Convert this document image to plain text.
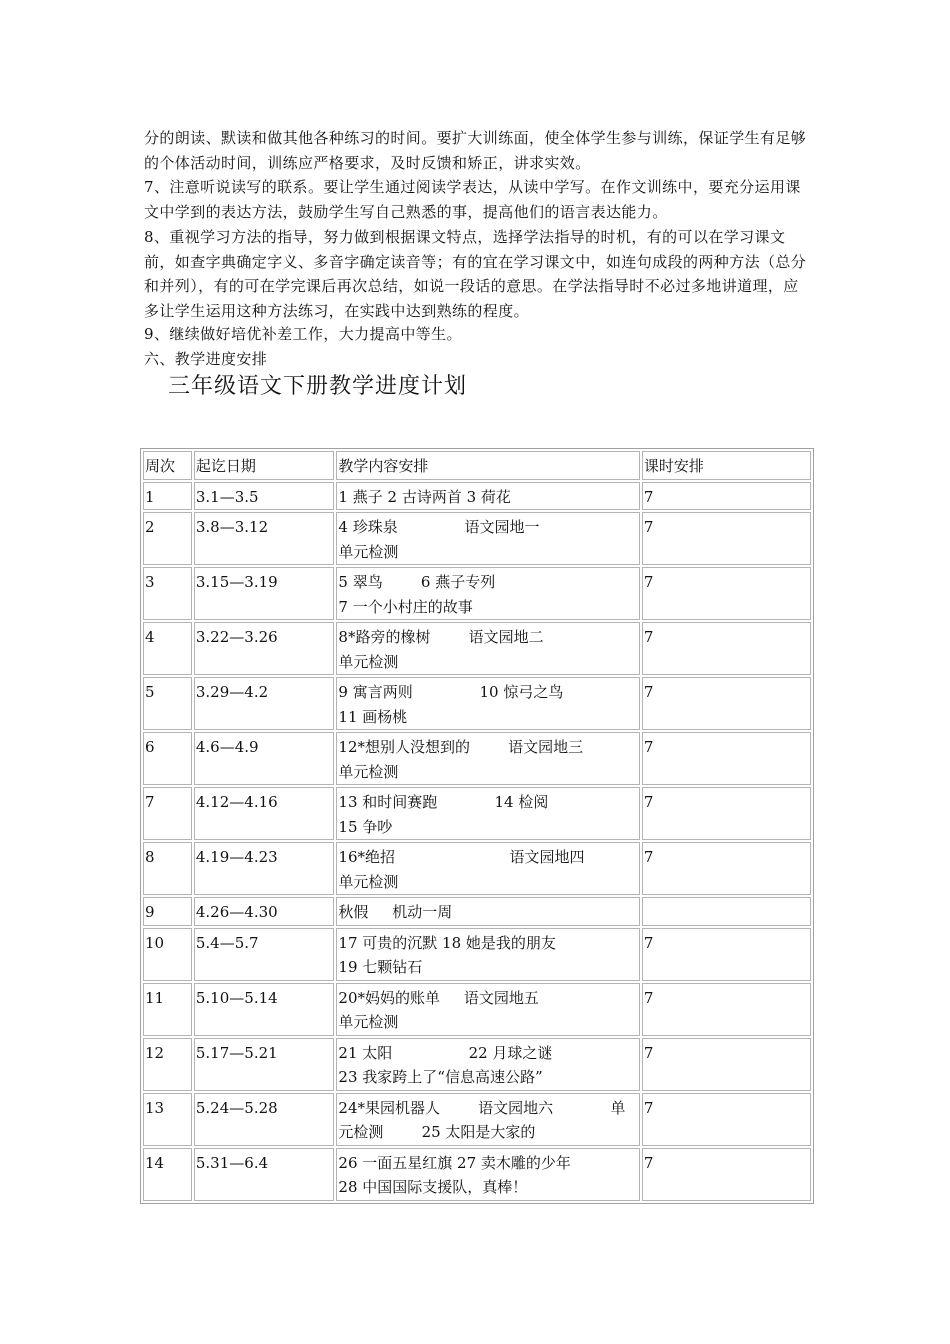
分的朗读、默读和做其他各种练习的时间。要扩大训练面，使全体学生参与训练，保证学生有足够的个体活动时间，训练应严格要求，及时反馈和矫正，讲求实效。

7、注意听说读写的联系。要让学生通过阅读学表达，从读中学写。在作文训练中，要充分运用课文中学到的表达方法，鼓励学生写自己熟悉的事，提高他们的语言表达能力。

8、重视学习方法的指导，努力做到根据课文特点，选择学法指导的时机，有的可以在学习课文前，如查字典确定字义、多音字确定读音等；有的宜在学习课文中，如连句成段的两种方法（总分和并列），有的可在学完课后再次总结，如说一段话的意思。在学法指导时不必过多地讲道理，应多让学生运用这种方法练习，在实践中达到熟练的程度。

9、继续做好培优补差工作，大力提高中等生。

六、教学进度安排

三年级语文下册教学进度计划
周次	起讫日期	教学内容安排	课时安排
1	3.1—3.5	1 燕子 2 古诗两首 3 荷花	7
2	3.8—3.12	4 珍珠泉              语文园地一
单元检测	7
3	3.15—3.19	5 翠鸟        6 燕子专列
7 一个小村庄的故事	7
4	3.22—3.26	8*路旁的橡树        语文园地二
单元检测	7
5	3.29—4.2	9 寓言两则              10 惊弓之鸟
11 画杨桃	7
6	4.6—4.9	12*想别人没想到的        语文园地三
单元检测	7
7	4.12—4.16	13 和时间赛跑            14 检阅
15 争吵	7
8	4.19—4.23	16*绝招                        语文园地四
单元检测	7
9	4.26—4.30	秋假     机动一周	

10	5.4—5.7	17 可贵的沉默 18 她是我的朋友
19 七颗钻石	7
11	5.10—5.14	20*妈妈的账单     语文园地五
单元检测	7
12	5.17—5.21	21 太阳                22 月球之谜
23 我家跨上了“信息高速公路”	7
13	5.24—5.28	24*果园机器人        语文园地六            单
元检测        25 太阳是大家的	7
14	5.31—6.4	26 一面五星红旗 27 卖木雕的少年
28 中国国际支援队，真棒！	7
